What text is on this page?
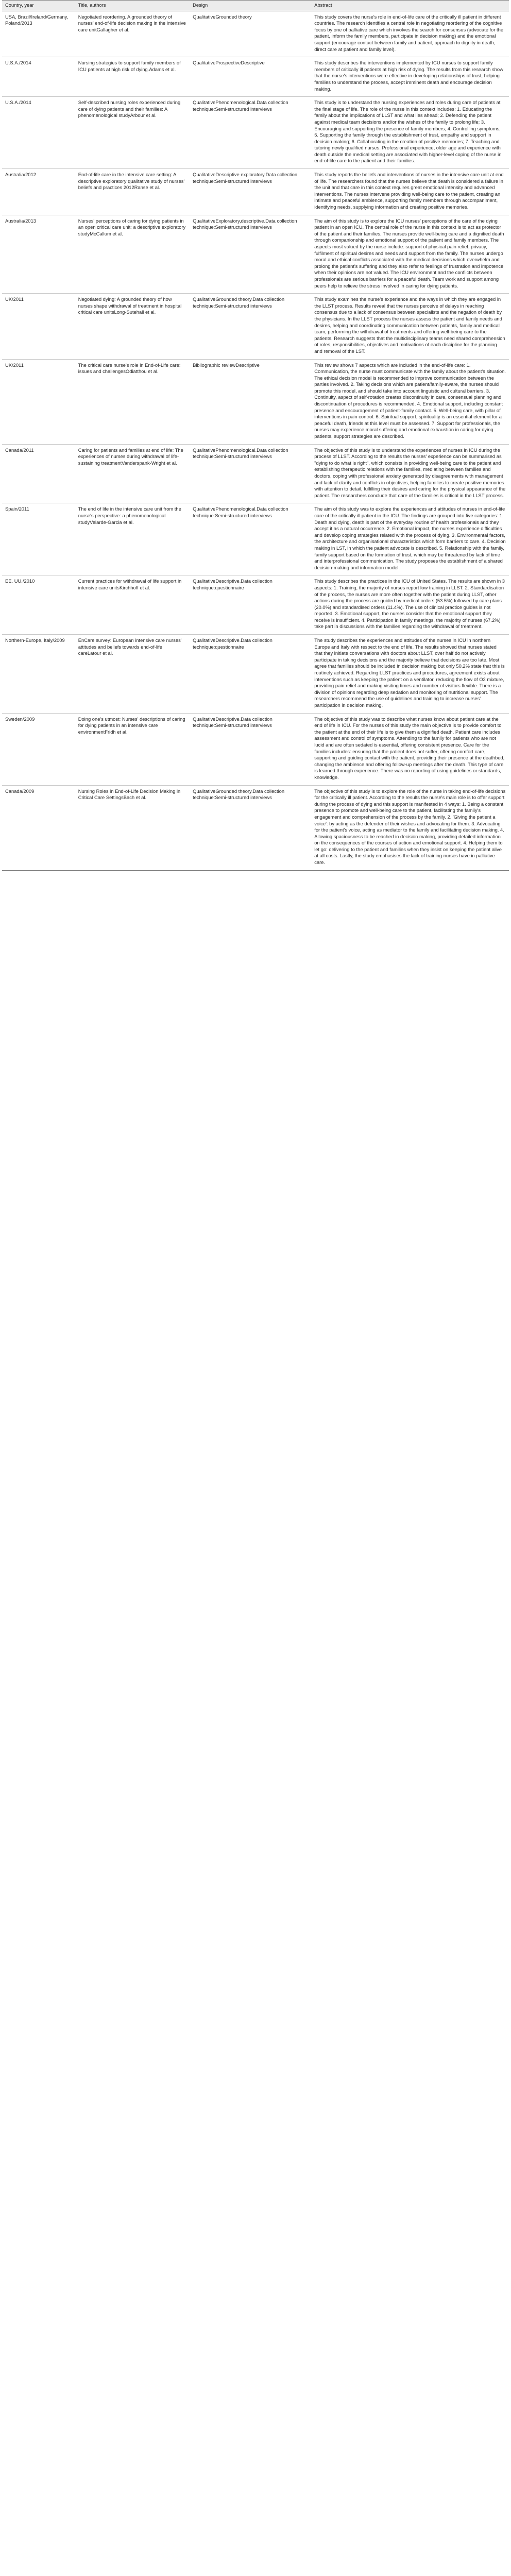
Country, year	Title, authors	Design	Abstract
USA, Brazil/Ireland/Germany, Poland/2013	Negotiated reordering. A grounded theory of nurses' end-of-life decision making in the intensive care unitGallagher et al.	QualitativeGrounded theory	This study covers the nurse's role in end-of-life care of the critically ill patient in different countries. The research identifies a central role in negotiating reordering of the cognitive focus by one of palliative care which involves the search for consensus (advocate for the patient, inform the family members, participate in decision making) and the emotional support (encourage contact between family and patient, approach to dignity in death, direct care at patient and family level).
U.S.A./2014	Nursing strategies to support family members of ICU patients at high risk of dying.Adams et al.	QualitativeProspectiveDescriptive	This study describes the interventions implemented by ICU nurses to support family members of critically ill patients at high risk of dying. The results from this research show that the nurse's interventions were effective in developing relationships of trust, helping families to understand the process, accept imminent death and encourage decision making.
U.S.A./2014	Self-described nursing roles experienced during care of dying patients and their families: A phenomenological studyArbour et al.	QualitativePhenomenological.Data collection technique:Semi-structured interviews	This study is to understand the nursing experiences and roles during care of patients at the final stage of life. The role of the nurse in this context includes: 1. Educating the family about the implications of LLST and what lies ahead; 2. Defending the patient against medical team decisions and/or the wishes of the family to prolong life; 3. Encouraging and supporting the presence of family members; 4. Controlling symptoms; 5. Supporting the family through the establishment of trust, empathy and support in decision making; 6. Collaborating in the creation of positive memories; 7. Teaching and tutoring newly qualified nurses. Professional experience, older age and experience with death outside the medical setting are associated with higher-level coping of the nurse in end-of-life care to the patient and their families.
Australia/2012	End-of-life care in the intensive care setting: A descriptive exploratory qualitative study of nurses' beliefs and practices 2012Ranse et al.	QualitativeDescriptive exploratory.Data collection technique:Semi-structured interviews	This study reports the beliefs and interventions of nurses in the intensive care unit at end of life. The researchers found that the nurses believe that death is considered a failure in the unit and that care in this context requires great emotional intensity and advanced interventions. The nurses intervene providing well-being care to the patient, creating an intimate and peaceful ambience, supporting family members through accompaniment, identifying needs, supplying information and creating positive memories.
Australia/2013	Nurses' perceptions of caring for dying patients in an open critical care unit: a descriptive exploratory studyMcCallum et al.	QualitativeExploratory,descriptive.Data collection technique:Semi-structured interviews	The aim of this study is to explore the ICU nurses' perceptions of the care of the dying patient in an open ICU. The central role of the nurse in this context is to act as protector of the patient and their families. The nurses provide well-being care and a dignified death through companionship and emotional support of the patient and family members. The aspects most valued by the nurse include: support of physical pain relief, privacy, fulfilment of spiritual desires and needs and support from the family. The nurses undergo moral and ethical conflicts associated with the medical decisions which overwhelm and prolong the patient's suffering and they also refer to feelings of frustration and impotence when their opinions are not valued. The ICU environment and the conflicts between professionals are serious barriers for a peaceful death. Team work and support among peers help to relieve the stress involved in caring for dying patients.
UK/2011	Negotiated dying: A grounded theory of how nurses shape withdrawal of treatment in hospital critical care unitsLong-Sutehall et al.	QualitativeGrounded theory.Data collection technique:Semi-structured interviews	This study examines the nurse's experience and the ways in which they are engaged in the LLST process. Results reveal that the nurses perceive of delays in reaching consensus due to a lack of consensus between specialists and the negation of death by the physicians. In the LLST process the nurses assess the patient and family needs and desires, helping and coordinating communication between patients, family and medical team, performing the withdrawal of treatments and offering well-being care to the patients. Research suggests that the multidisciplinary teams need shared comprehension of roles, responsibilities, objectives and motivations of each discipline for the planning and removal of the LST.
UK/2011	The critical care nurse's role in End-of-Life care: issues and challengesOdiatthou et al.	Bibliographic reviewDescriptive	This review shows 7 aspects which are included in the end-of-life care: 1. Communication, the nurse must communicate with the family about the patient's situation. The ethical decision model is recommended to improve communication between the parties involved. 2. Taking decisions which are patient/family-aware, the nurses should promote this model, and should take into account linguistic and cultural barriers. 3. Continuity, aspect of self-rotation creates discontinuity in care, consensual planning and discontinuation of procedures is recommended. 4. Emotional support, including constant presence and encouragement of patient-family contact. 5. Well-being care, with pillar of interventions in pain control. 6. Spiritual support, spirituality is an essential element for a peaceful death, friends at this level must be assessed. 7. Support for professionals, the nurses may experience moral suffering and emotional exhaustion in caring for dying patients, support strategies are described.
Canada/2011	Caring for patients and families at end of life: The experiences of nurses during withdrawal of life-sustaining treatmentVanderspank-Wright et al.	QualitativePhenomenological.Data collection technique:Semi-structured interviews	The objective of this study is to understand the experiences of nurses in ICU during the process of LLST. According to the results the nurses' experience can be summarised as "dying to do what is right", which consists in providing well-being care to the patient and establishing therapeutic relations with the families, mediating between families and doctors, coping with professional anxiety generated by disagreements with management and lack of clarity and conflicts in objectives, helping families to create positive memories with attention to detail, fulfilling their desires and caring for the physical appearance of the patient. The researchers conclude that care of the families is critical in the LLST process.
Spain/2011	The end of life in the intensive care unit from the nurse's perspective: a phenomenological studyVelarde-Garcia et al.	QualitativePhenomenological.Data collection technique:Semi-structured interviews	The aim of this study was to explore the experiences and attitudes of nurses in end-of-life care of the critically ill patient in the ICU. The findings are grouped into five categories: 1. Death and dying, death is part of the everyday routine of health professionals and they accept it as a natural occurrence. 2. Emotional impact, the nurses experience difficulties and develop coping strategies related with the process of dying. 3. Environmental factors, the architecture and organisational characteristics which form barriers to care. 4. Decision making in LST, in which the patient advocate is described. 5. Relationship with the family, family support based on the formation of trust, which may be threatened by lack of time and interprofessional communication. The study proposes the establishment of a shared decision-making and information model.
EE. UU./2010	Current practices for withdrawal of life support in intensive care unitsKirchhoff et al.	QualitativeDescriptive.Data collection technique:questionnaire	This study describes the practices in the ICU of United States. The results are shown in 3 aspects: 1. Training, the majority of nurses report low training in LLST. 2. Standardisation of the process, the nurses are more often together with the patient during LLST, other actions during the process are guided by medical orders (53.5%) followed by care plans (20.0%) and standardised orders (11.4%). The use of clinical practice guides is not reported. 3. Emotional support, the nurses consider that the emotional support they receive is insufficient. 4. Participation in family meetings, the majority of nurses (67.2%) take part in discussions with the families regarding the withdrawal of treatment.
Northern-Europe, Italy/2009	EnCare survey: European intensive care nurses' attitudes and beliefs towards end-of-life careLatour et al.	QualitativeDescriptive.Data collection technique:questionnaire	The study describes the experiences and attitudes of the nurses in ICU in northern Europe and Italy with respect to the end of life. The results showed that nurses stated that they initiate conversations with doctors about LLST, over half do not actively participate in taking decisions and the majority believe that decisions are too late. Most agree that families should be included in decision making but only 50.2% state that this is routinely achieved. Regarding LLST practices and procedures, agreement exists about interventions such as keeping the patient on a ventilator, reducing the flow of O2 mixture, providing pain relief and making visiting times and number of visitors flexible. There is a division of opinions regarding deep sedation and monitoring of nutritional support. The researchers recommend the use of guidelines and training to increase nurses' participation in decision making.
Sweden/2009	Doing one's utmost: Nurses' descriptions of caring for dying patients in an intensive care environmentFridh et al.	QualitativeDescriptive.Data collection technique:Semi-structured interviews	The objective of this study was to describe what nurses know about patient care at the end of life in ICU. For the nurses of this study the main objective is to provide comfort to the patient at the end of their life is to give them a dignified death. Patient care includes assessment and control of symptoms. Attending to the family for patients who are not lucid and are often sedated is essential, offering consistent presence. Care for the families includes: ensuring that the patient does not suffer, offering comfort care, supporting and guiding contact with the patient, providing their presence at the deathbed, changing the ambience and offering follow-up meetings after the death. This type of care is learned through experience. There was no reporting of using guidelines or standards, knowledge.
Canada/2009	Nursing Roles in End-of-Life Decision Making in Critical Care SettingsBach et al.	QualitativeGrounded theory.Data collection technique:Semi-structured interviews	The objective of this study is to explore the role of the nurse in taking end-of-life decisions for the critically ill patient. According to the results the nurse's main role is to offer support during the process of dying and this support is manifested in 4 ways: 1. Being a constant presence to promote and well-being care to the patient, facilitating the family's engagement and comprehension of the process by the family. 2. 'Giving the patient a voice': by acting as the defender of their wishes and advocating for them. 3. Advocating for the patient's voice, acting as mediator to the family and facilitating decision making. 4. Allowing spaciousness to be reached in decision making, providing detailed information on the consequences of the courses of action and emotional support. 4. Helping them to let go: delivering to the patient and families when they insist on keeping the patient alive at all costs. Lastly, the study emphasises the lack of training nurses have in palliative care.
